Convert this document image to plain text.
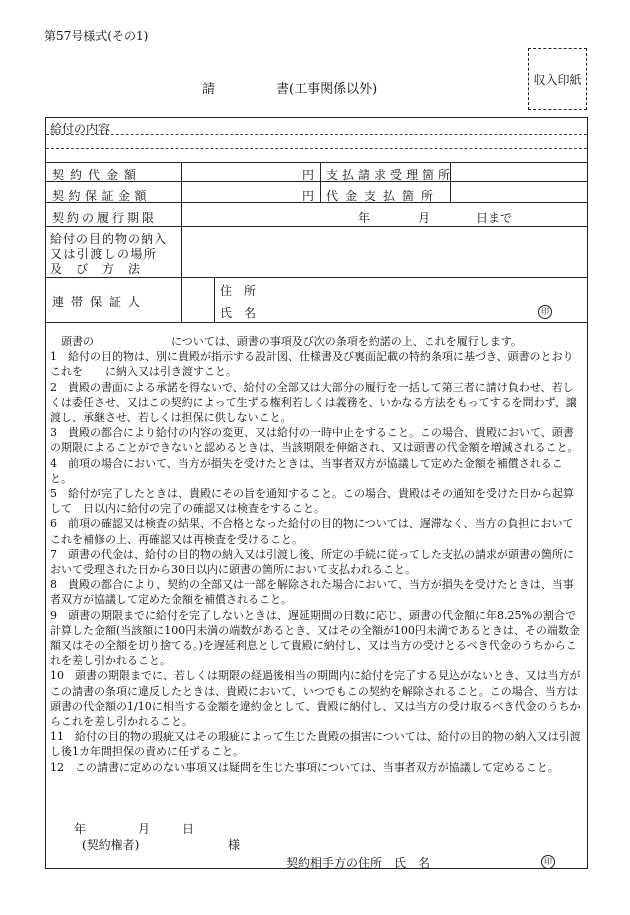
第57号様式(その1)
請	書(工事関係以外)
収入印紙
給付の内容
契約代金額	円 支払請求受理箇所
契約保証金額	円 代金支払箇所
契約の履行期限	年	月	日まで
給付の目的物の納入
又は引渡しの場所
及　び　方　法
連帯保証人
住　所
氏　名	印

　頭書の　　　　　　　については、頭書の事項及び次の条項を約諾の上、これを履行します。

1　給付の目的物は、別に貴殿が指示する設計図、仕様書及び裏面記載の特約条項に基づき、頭書のとおりこれを　　に納入又は引き渡すこと。

2　貴殿の書面による承諾を得ないで、給付の全部又は大部分の履行を一括して第三者に請け負わせ、若しくは委任させ、又はこの契約によって生ずる権利若しくは義務を、いかなる方法をもってするを問わず、譲渡し、承継させ、若しくは担保に供しないこと。

3　貴殿の都合により給付の内容の変更、又は給付の一時中止をすること。この場合、貴殿において、頭書の期限によることができないと認めるときは、当該期限を伸縮され、又は頭書の代金額を増減されること。

4　前項の場合において、当方が損失を受けたときは、当事者双方が協議して定めた金額を補償されること。

5　給付が完了したときは、貴殿にその旨を通知すること。この場合、貴殿はその通知を受けた日から起算して　日以内に給付の完了の確認又は検査をすること。

6　前項の確認又は検査の結果、不合格となった給付の目的物については、遅滞なく、当方の負担においてこれを補修の上、再確認又は再検査を受けること。

7　頭書の代金は、給付の目的物の納入又は引渡し後、所定の手続に従ってした支払の請求が頭書の箇所において受理された日から30日以内に頭書の箇所において支払われること。

8　貴殿の都合により、契約の全部又は一部を解除された場合において、当方が損失を受けたときは、当事者双方が協議して定めた金額を補償されること。

9　頭書の期限までに給付を完了しないときは、遅延期間の日数に応じ、頭書の代金額に年8.25%の割合で計算した金額(当該額に100円未満の端数があるとき、又はその全額が100円未満であるときは、その端数金額又はその全額を切り捨てる。)を遅延利息として貴殿に納付し、又は当方の受けとるべき代金のうちからこれを差し引かれること。

10　頭書の期限までに、若しくは期限の経過後相当の期間内に給付を完了する見込がないとき、又は当方がこの請書の条項に違反したときは、貴殿において、いつでもこの契約を解除されること。この場合、当方は頭書の代金額の1/10に相当する金額を違約金として、貴殿に納付し、又は当方の受け取るべき代金のうちからこれを差し引かれること。

11　給付の目的物の瑕疵又はその瑕疵によって生じた貴殿の損害については、給付の目的物の納入又は引渡し後1カ年間担保の責めに任ずること。

12　この請書に定めのない事項又は疑問を生じた事項については、当事者双方が協議して定めること。

年	月	日
(契約権者)	様
契約相手方の住所　氏　名	印
